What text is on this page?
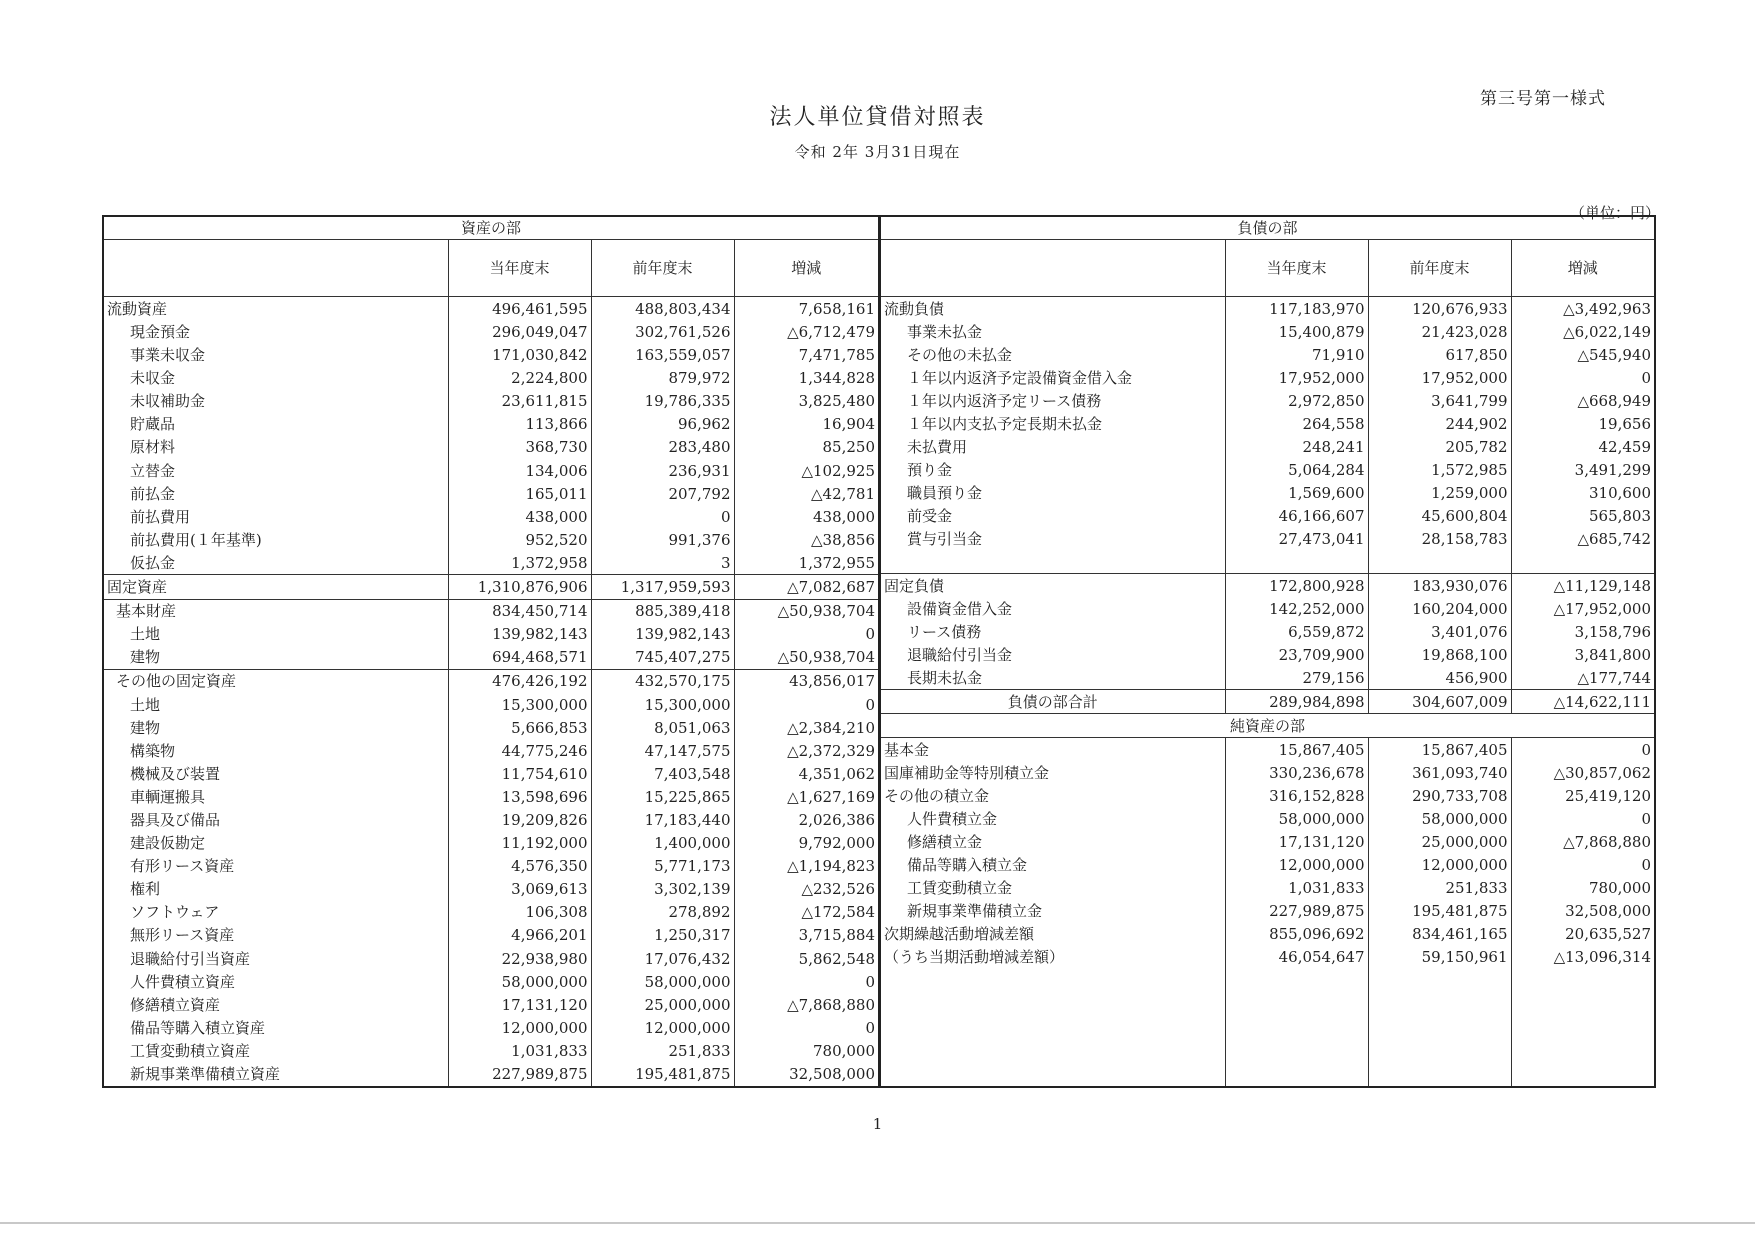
第三号第一様式
法人単位貸借対照表
令和 2年 3月31日現在
（単位：円）
資産の部			
	当年度末	前年度末	増減
流動資産	496,461,595	488,803,434	7,658,161
現金預金	296,049,047	302,761,526	△6,712,479
事業未収金	171,030,842	163,559,057	7,471,785
未収金	2,224,800	879,972	1,344,828
未収補助金	23,611,815	19,786,335	3,825,480
貯蔵品	113,866	96,962	16,904
原材料	368,730	283,480	85,250
立替金	134,006	236,931	△102,925
前払金	165,011	207,792	△42,781
前払費用	438,000	0	438,000
前払費用(１年基準)	952,520	991,376	△38,856
仮払金	1,372,958	3	1,372,955
固定資産	1,310,876,906	1,317,959,593	△7,082,687
基本財産	834,450,714	885,389,418	△50,938,704
土地	139,982,143	139,982,143	0
建物	694,468,571	745,407,275	△50,938,704
その他の固定資産	476,426,192	432,570,175	43,856,017
土地	15,300,000	15,300,000	0
建物	5,666,853	8,051,063	△2,384,210
構築物	44,775,246	47,147,575	△2,372,329
機械及び装置	11,754,610	7,403,548	4,351,062
車輌運搬具	13,598,696	15,225,865	△1,627,169
器具及び備品	19,209,826	17,183,440	2,026,386
建設仮勘定	11,192,000	1,400,000	9,792,000
有形リース資産	4,576,350	5,771,173	△1,194,823
権利	3,069,613	3,302,139	△232,526
ソフトウェア	106,308	278,892	△172,584
無形リース資産	4,966,201	1,250,317	3,715,884
退職給付引当資産	22,938,980	17,076,432	5,862,548
人件費積立資産	58,000,000	58,000,000	0
修繕積立資産	17,131,120	25,000,000	△7,868,880
備品等購入積立資産	12,000,000	12,000,000	0
工賃変動積立資産	1,031,833	251,833	780,000
新規事業準備積立資産	227,989,875	195,481,875	32,508,000
負債の部			
	当年度末	前年度末	増減
流動負債	117,183,970	120,676,933	△3,492,963
事業未払金	15,400,879	21,423,028	△6,022,149
その他の未払金	71,910	617,850	△545,940
１年以内返済予定設備資金借入金	17,952,000	17,952,000	0
１年以内返済予定リース債務	2,972,850	3,641,799	△668,949
１年以内支払予定長期未払金	264,558	244,902	19,656
未払費用	248,241	205,782	42,459
預り金	5,064,284	1,572,985	3,491,299
職員預り金	1,569,600	1,259,000	310,600
前受金	46,166,607	45,600,804	565,803
賞与引当金	27,473,041	28,158,783	△685,742

固定負債	172,800,928	183,930,076	△11,129,148
設備資金借入金	142,252,000	160,204,000	△17,952,000
リース債務	6,559,872	3,401,076	3,158,796
退職給付引当金	23,709,900	19,868,100	3,841,800
長期未払金	279,156	456,900	△177,744
負債の部合計	289,984,898	304,607,009	△14,622,111
純資産の部			
基本金	15,867,405	15,867,405	0
国庫補助金等特別積立金	330,236,678	361,093,740	△30,857,062
その他の積立金	316,152,828	290,733,708	25,419,120
人件費積立金	58,000,000	58,000,000	0
修繕積立金	17,131,120	25,000,000	△7,868,880
備品等購入積立金	12,000,000	12,000,000	0
工賃変動積立金	1,031,833	251,833	780,000
新規事業準備積立金	227,989,875	195,481,875	32,508,000
次期繰越活動増減差額	855,096,692	834,461,165	20,635,527
（うち当期活動増減差額）	46,054,647	59,150,961	△13,096,314

1
